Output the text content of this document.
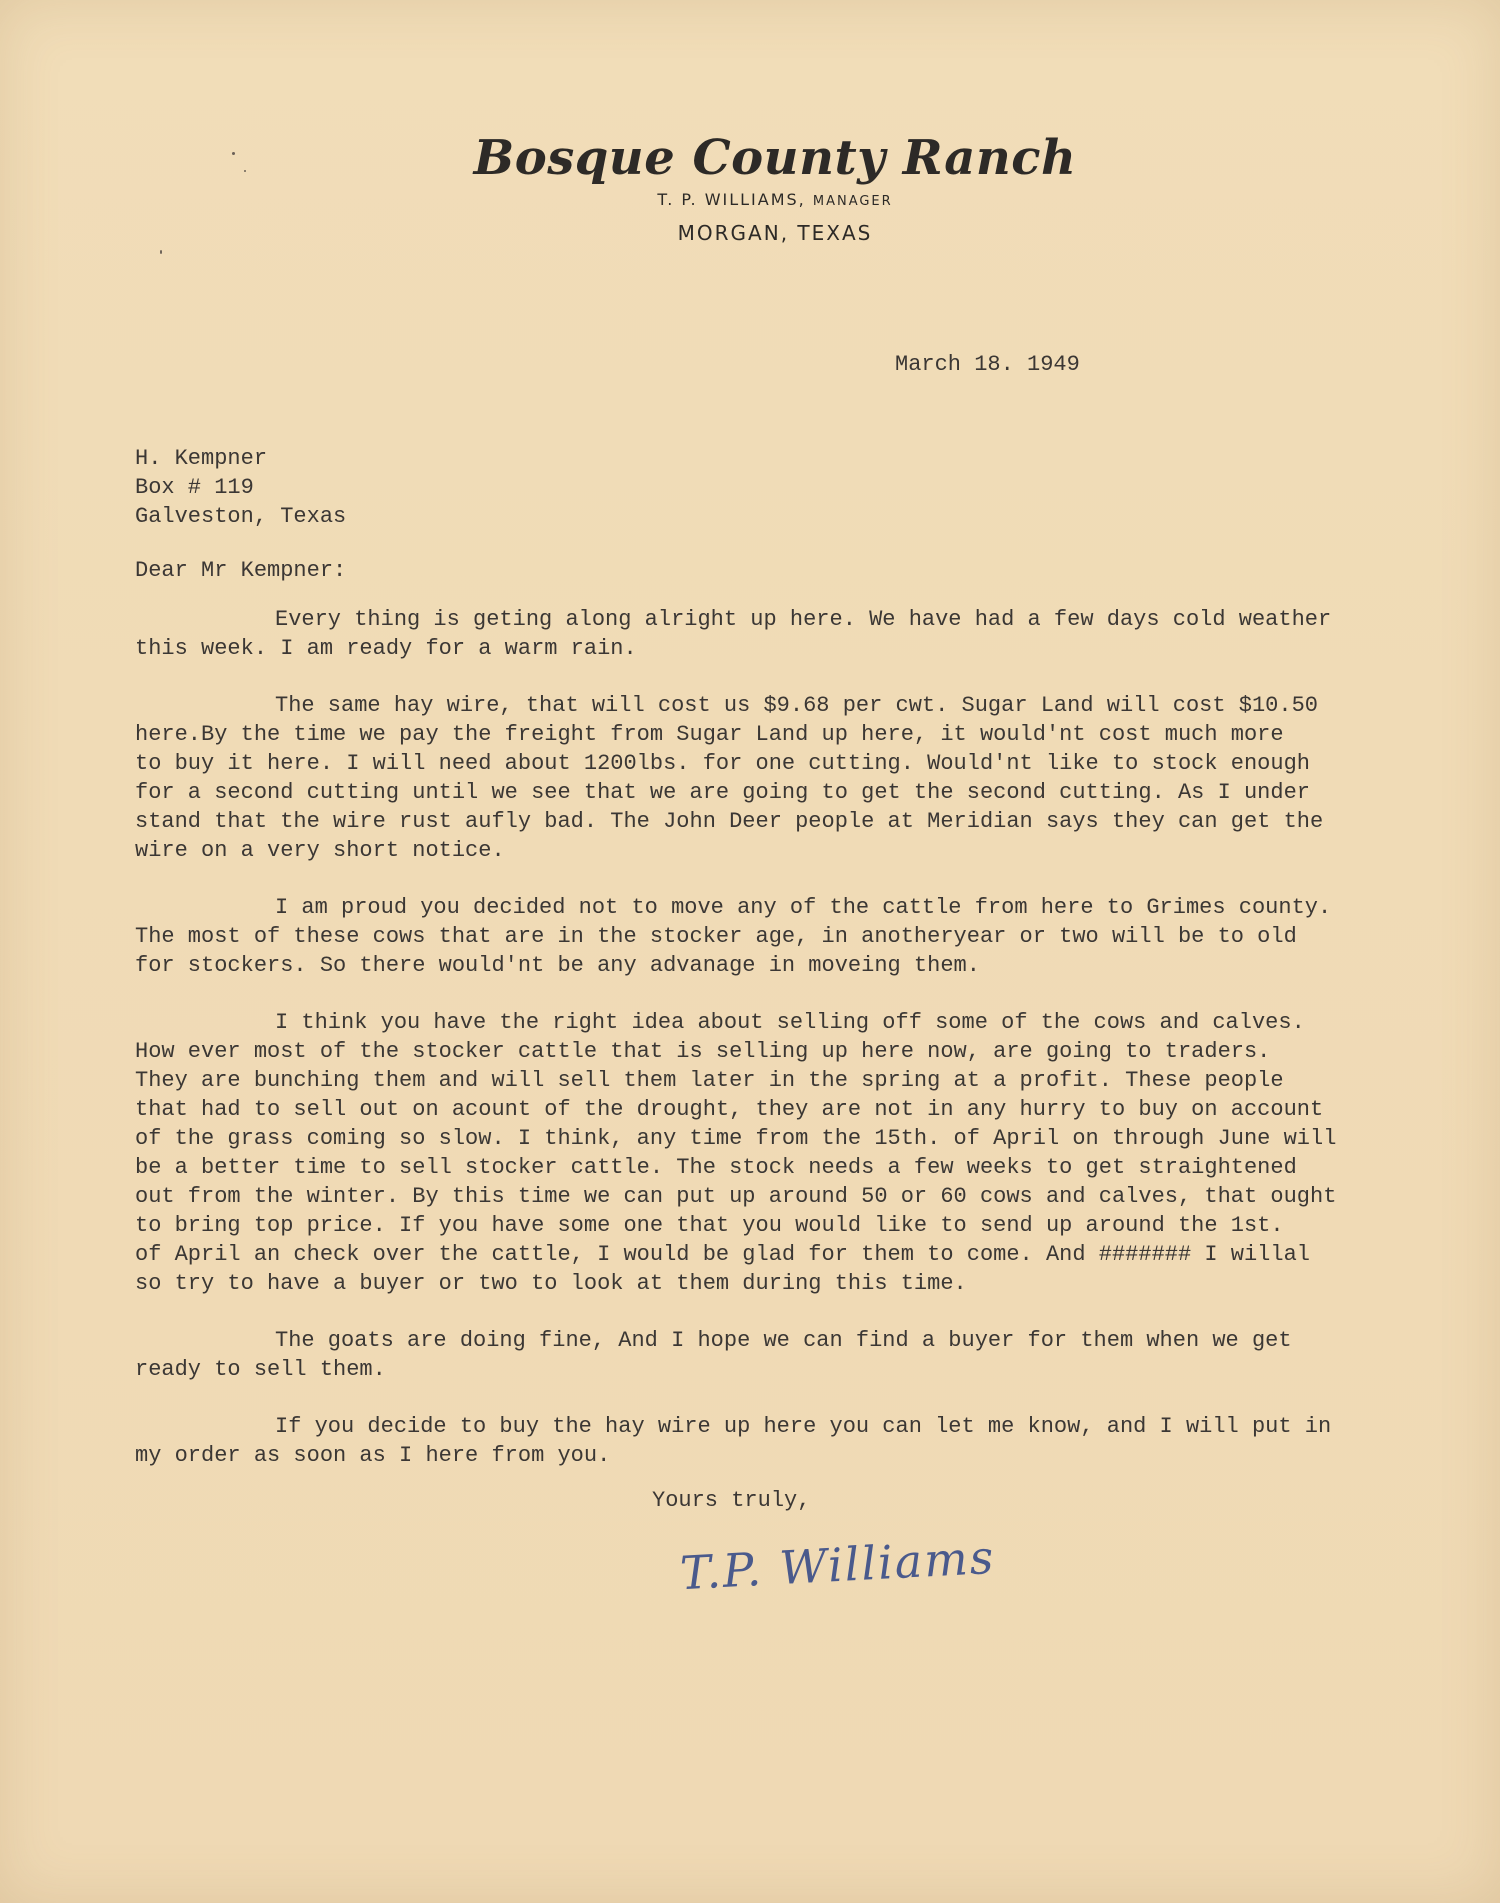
Bosque County Ranch
T. P. WILLIAMS, MANAGER
MORGAN, TEXAS
March 18. 1949
H. Kempner
Box # 119
Galveston, Texas
Dear Mr Kempner:
Every thing is geting along alright up here. We have had a few days cold weather
this week. I am ready for a warm rain.
The same hay wire, that will cost us $9.68 per cwt. Sugar Land will cost $10.50
here.By the time we pay the freight from Sugar Land up here, it would'nt cost much more
to buy it here. I will need about 1200lbs. for one cutting. Would'nt like to stock enough
for a second cutting until we see that we are going to get the second cutting. As I under
stand that the wire rust aufly bad. The John Deer people at Meridian says they can get the
wire on a very short notice.
I am proud you decided not to move any of the cattle from here to Grimes county.
The most of these cows that are in the stocker age, in anotheryear or two will be to old
for stockers. So there would'nt be any advanage in moveing them.
I think you have the right idea about selling off some of the cows and calves.
How ever most of the stocker cattle that is selling up here now, are going to traders.
They are bunching them and will sell them later in the spring at a profit. These people
that had to sell out on acount of the drought, they are not in any hurry to buy on account
of the grass coming so slow. I think, any time from the 15th. of April on through June will
be a better time to sell stocker cattle. The stock needs a few weeks to get straightened
out from the winter. By this time we can put up around 50 or 60 cows and calves, that ought
to bring top price. If you have some one that you would like to send up around the 1st.
of April an check over the cattle, I would be glad for them to come. And ####### I willal
so try to have a buyer or two to look at them during this time.
The goats are doing fine, And I hope we can find a buyer for them when we get
ready to sell them.
If you decide to buy the hay wire up here you can let me know, and I will put in
my order as soon as I here from you.
Yours truly,
T.P. Williams
